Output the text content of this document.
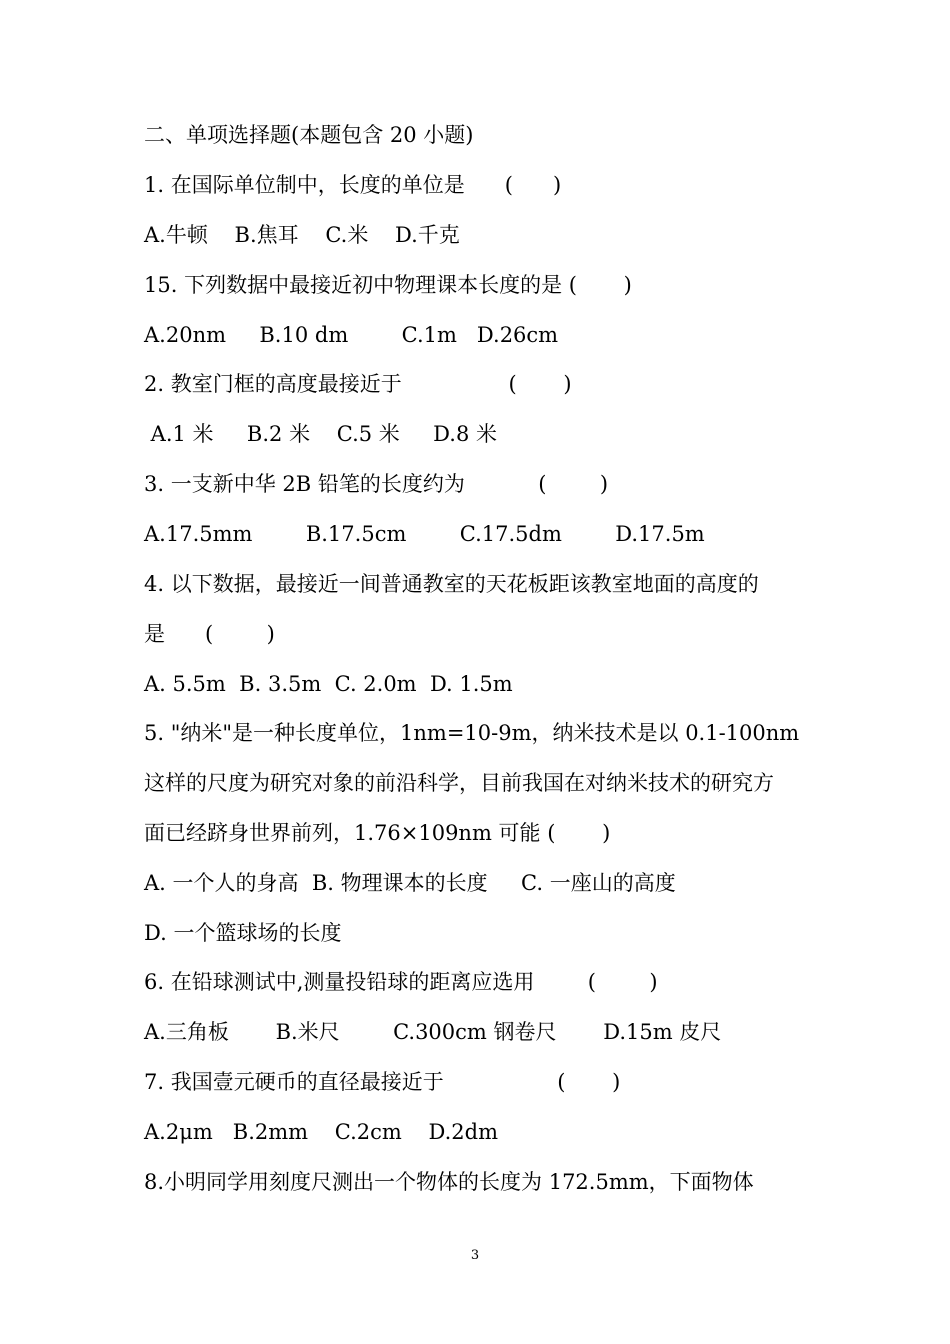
二、单项选择题(本题包含 20 小题)
1. 在国际单位制中，长度的单位是      (      )
A.牛顿    B.焦耳    C.米    D.千克
15. 下列数据中最接近初中物理课本长度的是 (       )
A.20nm     B.10 dm        C.1m   D.26cm
2. 教室门框的高度最接近于                (       )
A.1 米     B.2 米    C.5 米     D.8 米
3. 一支新中华 2B 铅笔的长度约为           (        )
A.17.5mm        B.17.5cm        C.17.5dm        D.17.5m
4. 以下数据，最接近一间普通教室的天花板距该教室地面的高度的
是      (        )
A. 5.5m  B. 3.5m  C. 2.0m  D. 1.5m
5. "纳米"是一种长度单位，1nm=10-9m，纳米技术是以 0.1-100nm
这样的尺度为研究对象的前沿科学，目前我国在对纳米技术的研究方
面已经跻身世界前列，1.76×109nm 可能 (       )
A. 一个人的身高  B. 物理课本的长度     C. 一座山的高度
D. 一个篮球场的长度
6. 在铅球测试中,测量投铅球的距离应选用        (        )
A.三角板       B.米尺        C.300cm 钢卷尺       D.15m 皮尺
7. 我国壹元硬币的直径最接近于                 (       )
A.2μm   B.2mm    C.2cm    D.2dm
8.小明同学用刻度尺测出一个物体的长度为 172.5mm，下面物体
3
